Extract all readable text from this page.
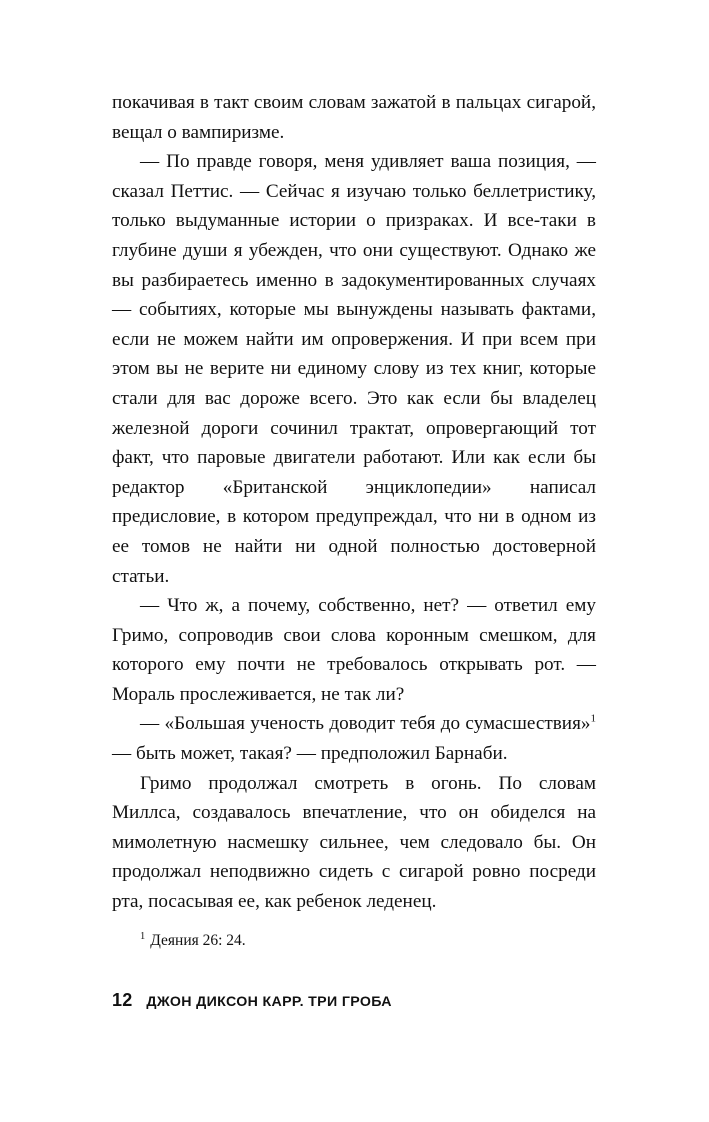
покачивая в такт своим словам зажатой в пальцах сигарой, вещал о вампиризме.

— По правде говоря, меня удивляет ваша позиция, — сказал Петтис. — Сейчас я изучаю только беллетристику, только выдуманные истории о призраках. И все-таки в глубине души я убежден, что они существуют. Однако же вы разбираетесь именно в задокументированных случаях — событиях, которые мы вынуждены называть фактами, если не можем найти им опровержения. И при всем при этом вы не верите ни единому слову из тех книг, которые стали для вас дороже всего. Это как если бы владелец железной дороги сочинил трактат, опровергающий тот факт, что паровые двигатели работают. Или как если бы редактор «Британской энциклопедии» написал предисловие, в котором предупреждал, что ни в одном из ее томов не найти ни одной полностью достоверной статьи.

— Что ж, а почему, собственно, нет? — ответил ему Гримо, сопроводив свои слова коронным смешком, для которого ему почти не требовалось открывать рот. — Мораль прослеживается, не так ли?

— «Большая ученость доводит тебя до сумасшествия»$^1$ — быть может, такая? — предположил Барнаби.

Гримо продолжал смотреть в огонь. По словам Миллса, создавалось впечатление, что он обиделся на мимолетную насмешку сильнее, чем следовало бы. Он продолжал неподвижно сидеть с сигарой ровно посреди рта, посасывая ее, как ребенок леденец.

$^1$ Деяния 26: 24.
12 ДЖОН ДИКСОН КАРР. ТРИ ГРОБА
